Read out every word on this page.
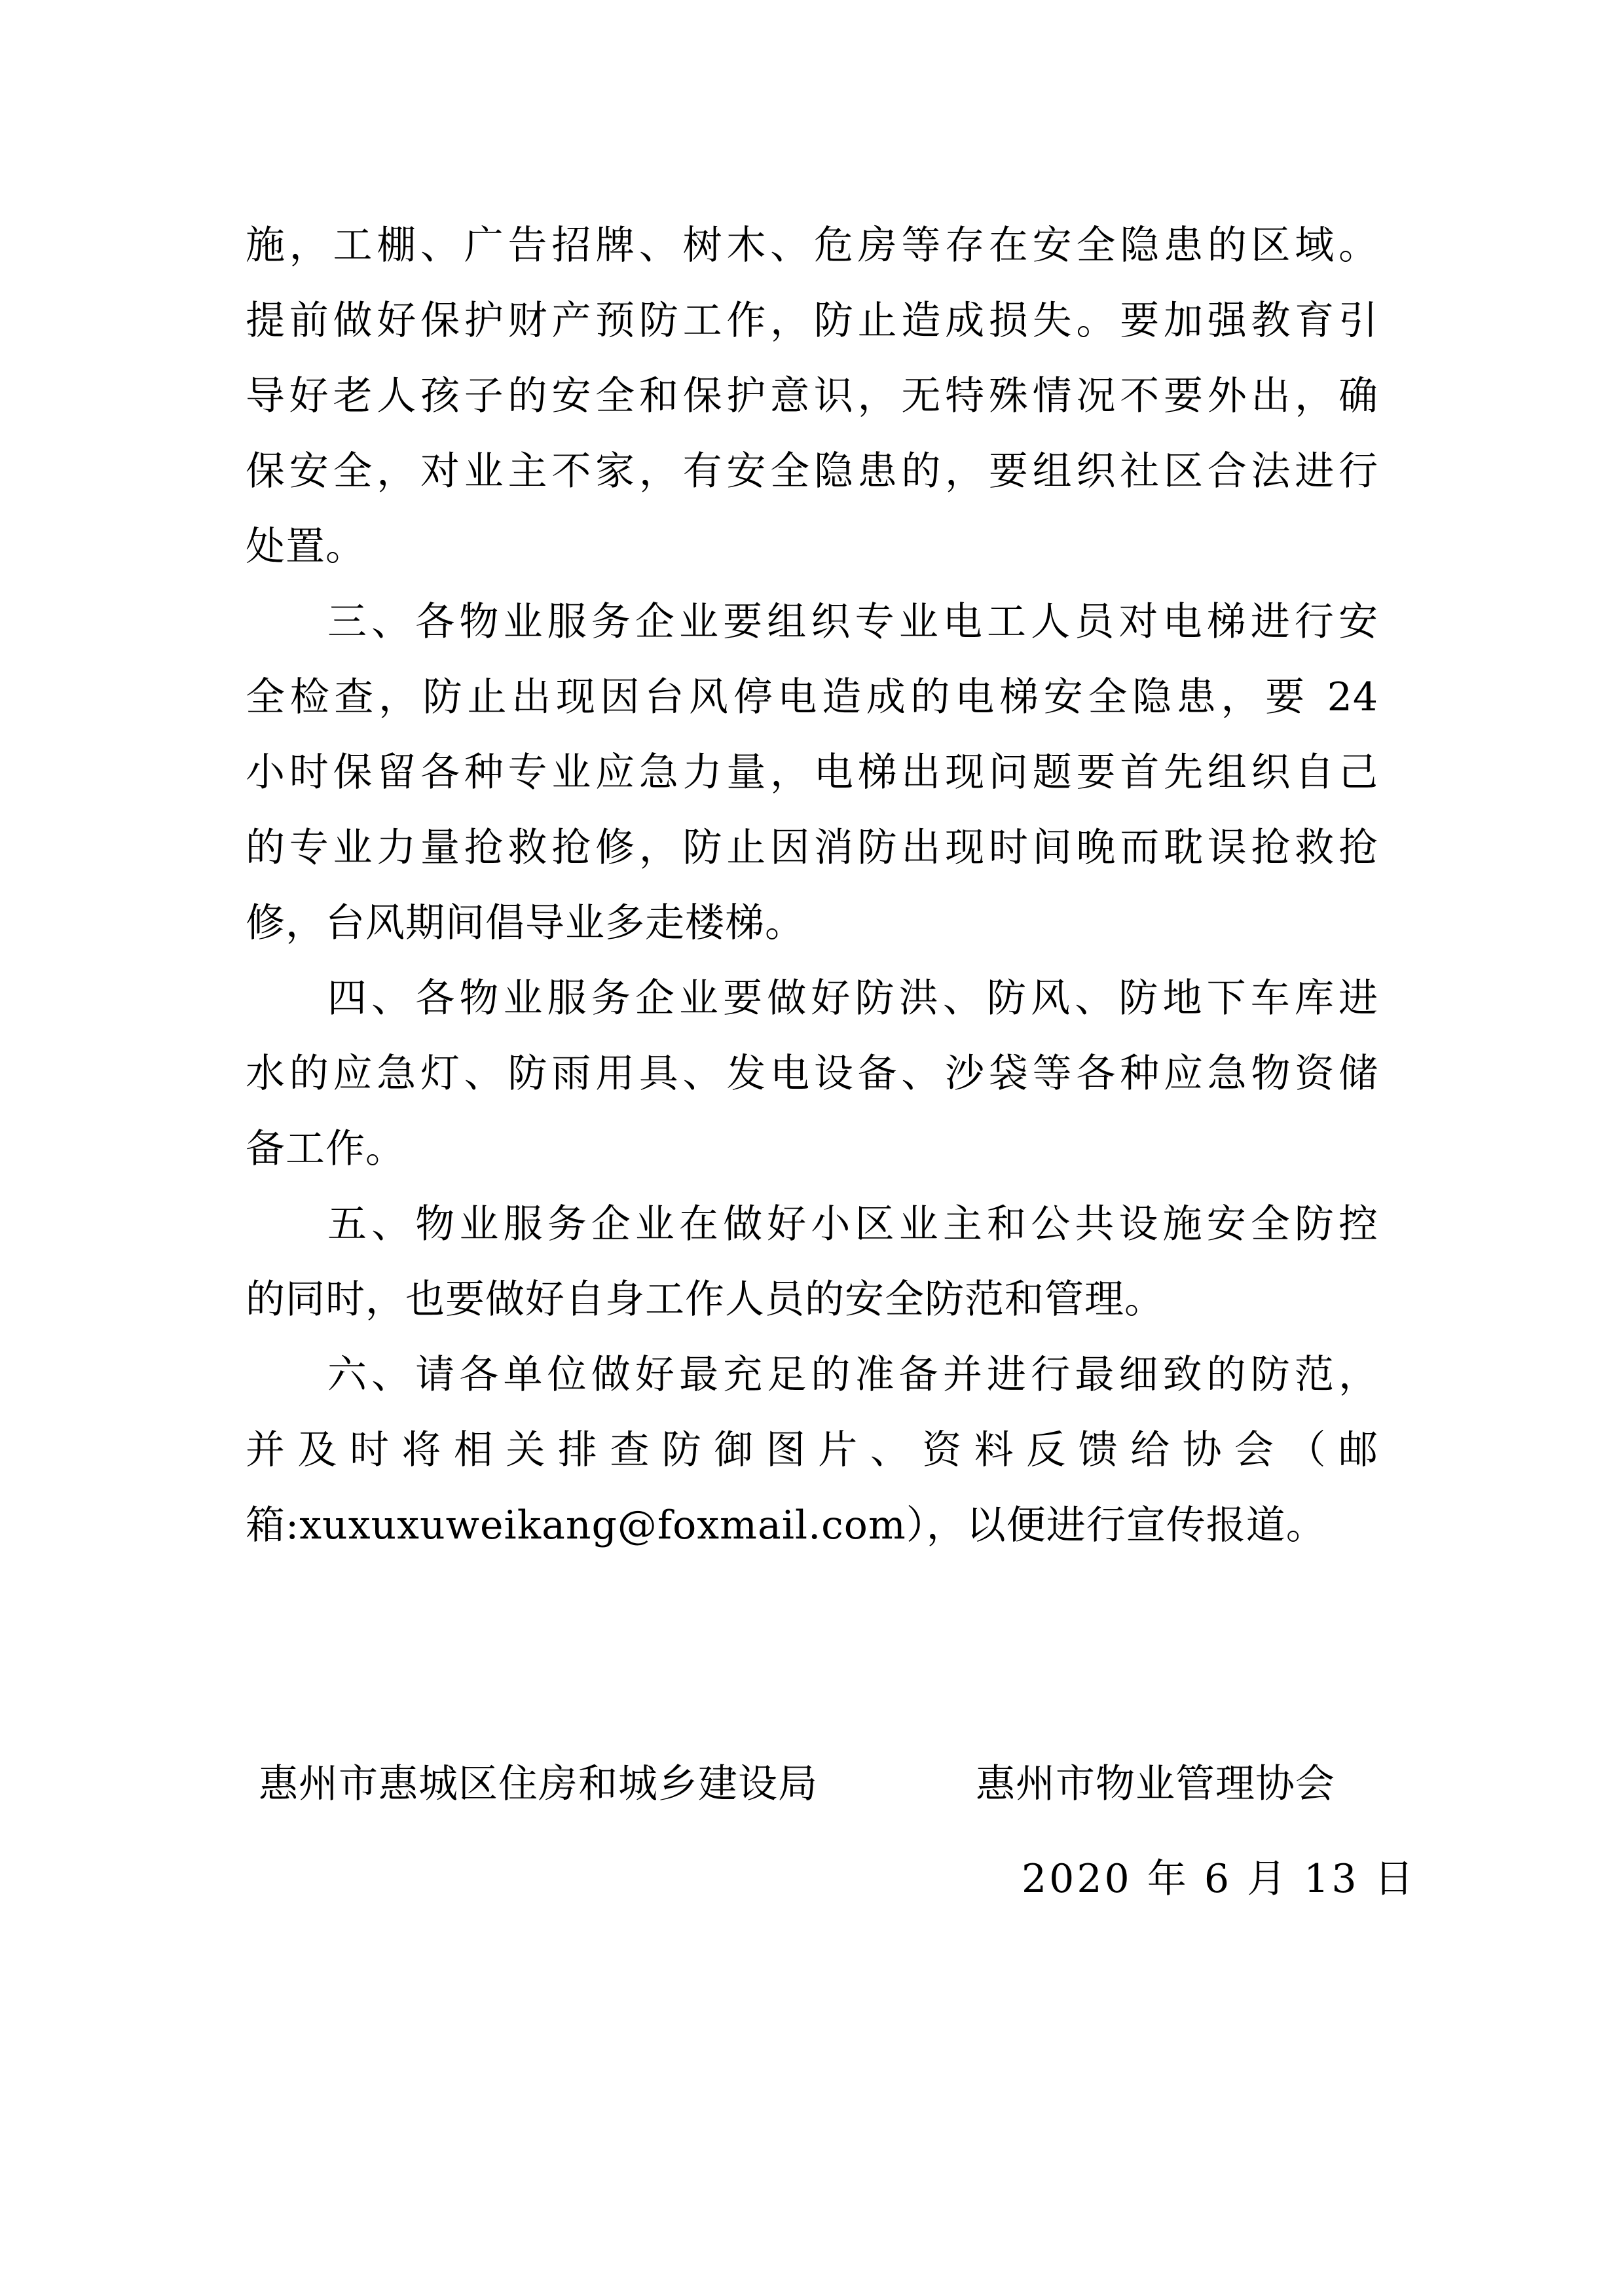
施，工棚、广告招牌、树木、危房等存在安全隐患的区域。
提前做好保护财产预防工作，防止造成损失。要加强教育引
导好老人孩子的安全和保护意识，无特殊情况不要外出，确
保安全，对业主不家，有安全隐患的，要组织社区合法进行
处置。
三、各物业服务企业要组织专业电工人员对电梯进行安
全检查，防止出现因台风停电造成的电梯安全隐患，要 24
小时保留各种专业应急力量，电梯出现问题要首先组织自己
的专业力量抢救抢修，防止因消防出现时间晚而耽误抢救抢
修，台风期间倡导业多走楼梯。
四、各物业服务企业要做好防洪、防风、防地下车库进
水的应急灯、防雨用具、发电设备、沙袋等各种应急物资储
备工作。
五、物业服务企业在做好小区业主和公共设施安全防控
的同时，也要做好自身工作人员的安全防范和管理。
六、请各单位做好最充足的准备并进行最细致的防范，
并及时将相关排查防御图片、资料反馈给协会（邮
箱:xuxuxuweikang@foxmail.com），以便进行宣传报道。
惠州市惠城区住房和城乡建设局	惠州市物业管理协会
2020 年 6 月 13 日
